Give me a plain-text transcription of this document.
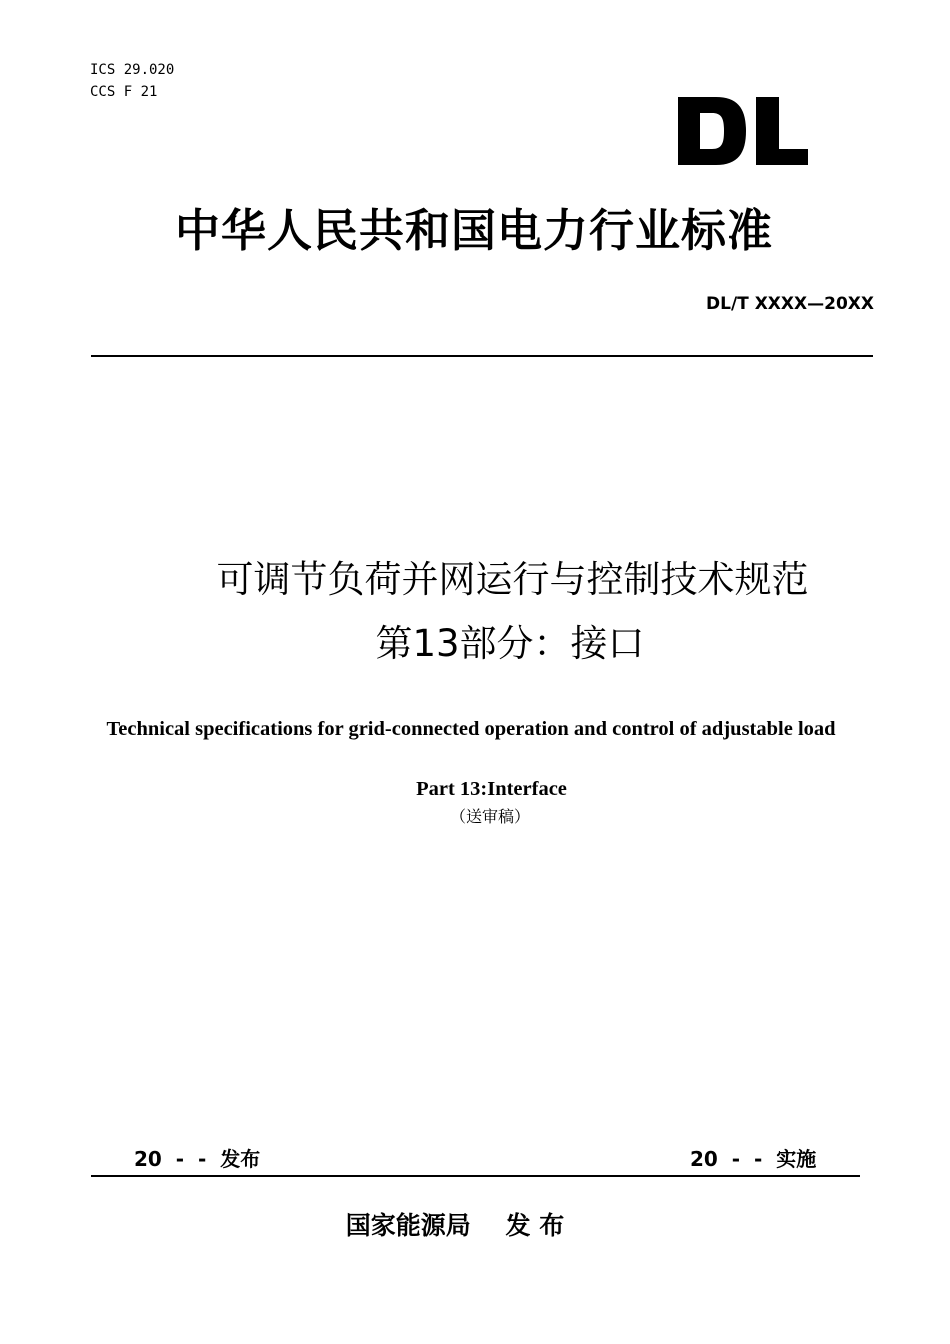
ICS 29.020
CCS F 21
中华人民共和国电力行业标准
DL/T XXXX—20XX
可调节负荷并网运行与控制技术规范
第13部分：接口
Technical specifications for grid-connected operation and control of adjustable load
Part 13:Interface
（送审稿）
20  -  -  发布	20  -  -  实施
国家能源局    发 布
